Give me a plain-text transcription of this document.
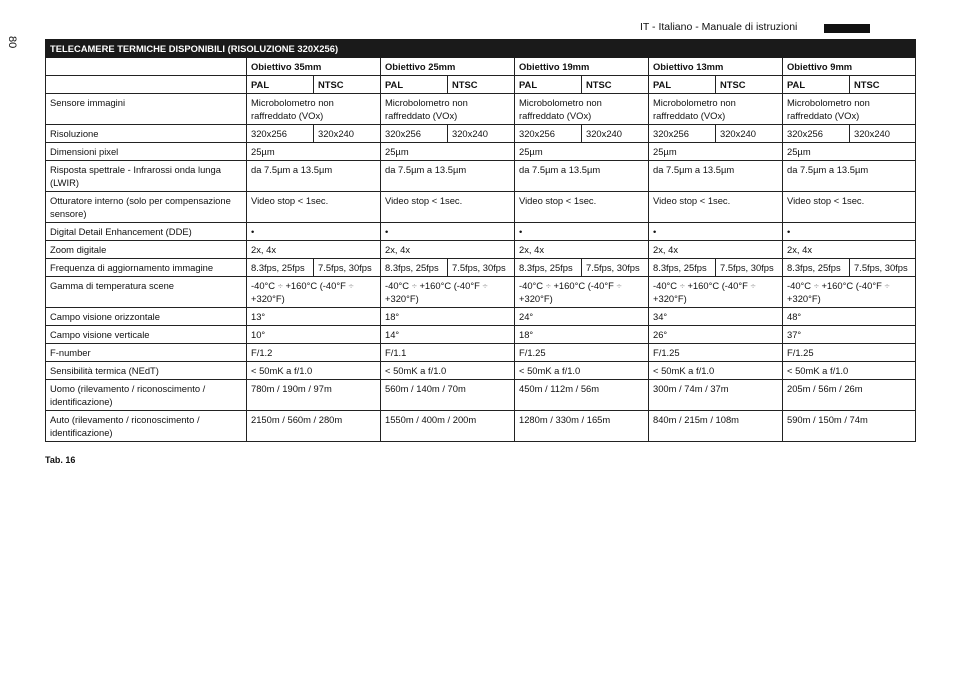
IT - Italiano - Manuale di istruzioni
80
TELECAMERE TERMICHE DISPONIBILI (RISOLUZIONE 320X256)										
	Obiettivo 35mm		Obiettivo 25mm		Obiettivo 19mm		Obiettivo 13mm		Obiettivo 9mm	
	PAL	NTSC	PAL	NTSC	PAL	NTSC	PAL	NTSC	PAL	NTSC
Sensore immagini	Microbolometro non raffreddato (VOx)		Microbolometro non raffreddato (VOx)		Microbolometro non raffreddato (VOx)		Microbolometro non raffreddato (VOx)		Microbolometro non raffreddato (VOx)	
Risoluzione	320x256	320x240	320x256	320x240	320x256	320x240	320x256	320x240	320x256	320x240
Dimensioni pixel	25µm		25µm		25µm		25µm		25µm	
Risposta spettrale - Infrarossi onda lunga (LWIR)	da 7.5µm a 13.5µm		da 7.5µm a 13.5µm		da 7.5µm a 13.5µm		da 7.5µm a 13.5µm		da 7.5µm a 13.5µm	
Otturatore interno (solo per compensazione sensore)	Video stop < 1sec.		Video stop < 1sec.		Video stop < 1sec.		Video stop < 1sec.		Video stop < 1sec.	
Digital Detail Enhancement (DDE)	•		•		•		•		•	
Zoom digitale	2x, 4x		2x, 4x		2x, 4x		2x, 4x		2x, 4x	
Frequenza di aggiornamento immagine	8.3fps, 25fps	7.5fps, 30fps	8.3fps, 25fps	7.5fps, 30fps	8.3fps, 25fps	7.5fps, 30fps	8.3fps, 25fps	7.5fps, 30fps	8.3fps, 25fps	7.5fps, 30fps
Gamma di temperatura scene	-40°C ÷ +160°C (-40°F ÷ +320°F)		-40°C ÷ +160°C (-40°F ÷ +320°F)		-40°C ÷ +160°C (-40°F ÷ +320°F)		-40°C ÷ +160°C (-40°F ÷ +320°F)		-40°C ÷ +160°C (-40°F ÷ +320°F)	
Campo visione orizzontale	13°		18°		24°		34°		48°	
Campo visione verticale	10°		14°		18°		26°		37°	
F-number	F/1.2		F/1.1		F/1.25		F/1.25		F/1.25	
Sensibilità termica (NEdT)	< 50mK a f/1.0		< 50mK a f/1.0		< 50mK a f/1.0		< 50mK a f/1.0		< 50mK a f/1.0	
Uomo (rilevamento / riconoscimento / identificazione)	780m / 190m / 97m		560m / 140m / 70m		450m / 112m / 56m		300m / 74m / 37m		205m / 56m / 26m	
Auto (rilevamento / riconoscimento / identificazione)	2150m / 560m / 280m		1550m / 400m / 200m		1280m / 330m / 165m		840m / 215m / 108m		590m / 150m / 74m	
Tab. 16
